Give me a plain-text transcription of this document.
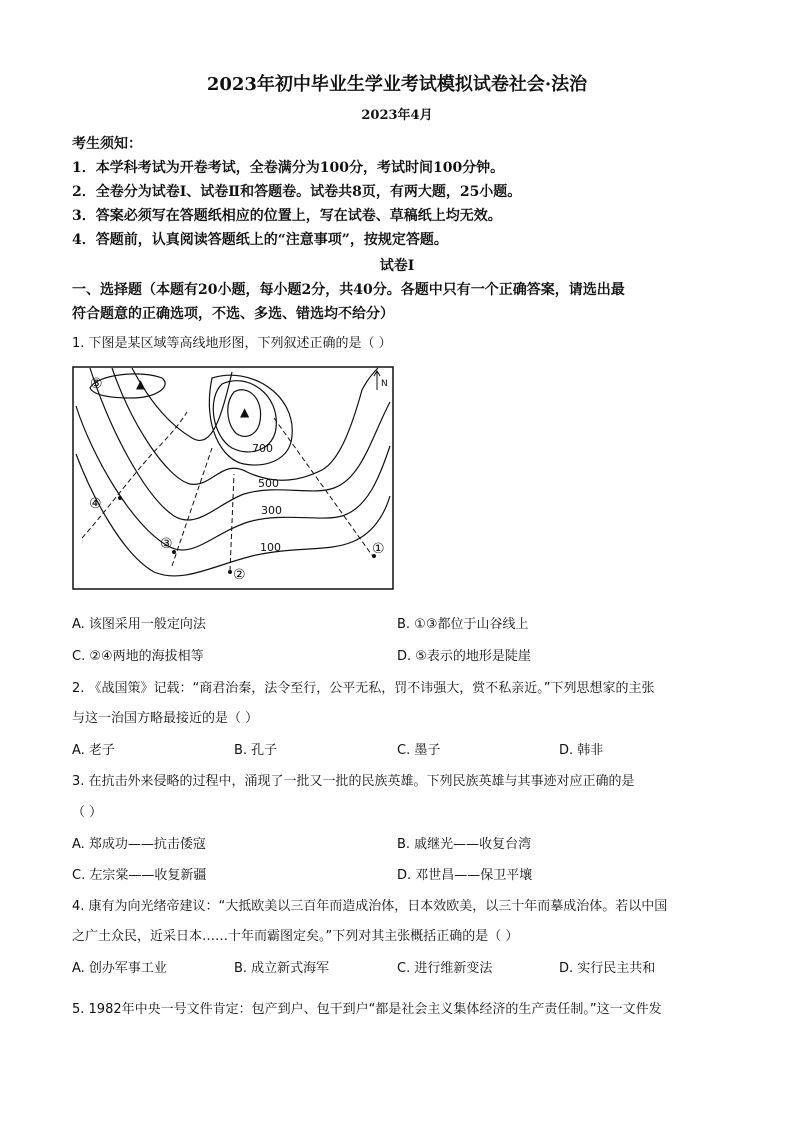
2023年初中毕业生学业考试模拟试卷社会·法治
2023年4月
考生须知：
1．本学科考试为开卷考试，全卷满分为100分，考试时间100分钟。
2．全卷分为试卷Ⅰ、试卷Ⅱ和答题卷。试卷共8页，有两大题，25小题。
3．答案必须写在答题纸相应的位置上，写在试卷、草稿纸上均无效。
4．答题前，认真阅读答题纸上的“注意事项”，按规定答题。
试卷Ⅰ
一、选择题（本题有20小题，每小题2分，共40分。各题中只有一个正确答案，请选出最
符合题意的正确选项，不选、多选、错选均不给分）
1. 下图是某区域等高线地形图，下列叙述正确的是（ ）
▲
▲
700
500
300
100	①
②
③
④
⑤	N
A. 该图采用一般定向法	B. ①③都位于山谷线上
C. ②④两地的海拔相等	D. ⑤表示的地形是陡崖
2. 《战国策》记载：“商君治秦，法令至行，公平无私，罚不讳强大，赏不私亲近。”下列思想家的主张
与这一治国方略最接近的是（ ）
A. 老子	B. 孔子	C. 墨子	D. 韩非
3. 在抗击外来侵略的过程中，涌现了一批又一批的民族英雄。下列民族英雄与其事迹对应正确的是
（ ）
A. 郑成功——抗击倭寇	B. 戚继光——收复台湾
C. 左宗棠——收复新疆	D. 邓世昌——保卫平壤
4. 康有为向光绪帝建议：“大抵欧美以三百年而造成治体，日本效欧美，以三十年而摹成治体。若以中国
之广土众民，近采日本……十年而霸图定矣。”下列对其主张概括正确的是（ ）
A. 创办军事工业	B. 成立新式海军	C. 进行维新变法	D. 实行民主共和
5. 1982年中央一号文件肯定：包产到户、包干到户“都是社会主义集体经济的生产责任制。”这一文件发
